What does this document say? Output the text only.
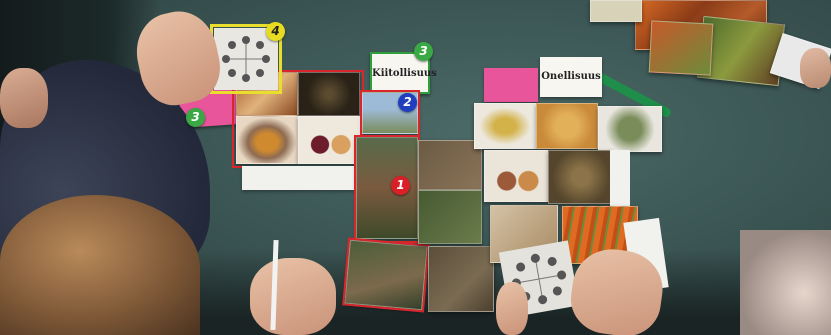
Kiitollisuus	Onellisuus
4
3
3
2
1
